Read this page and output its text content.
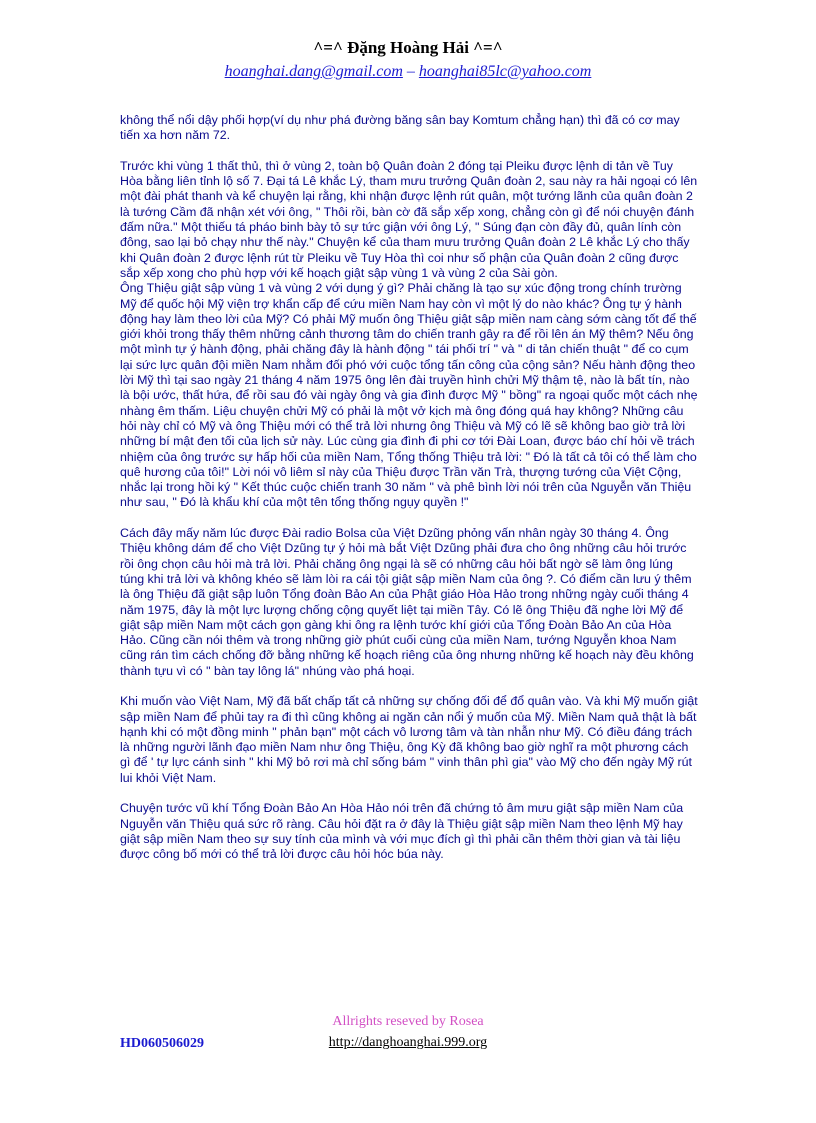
^=^ Đặng Hoàng Hải ^=^
hoanghai.dang@gmail.com – hoanghai85lc@yahoo.com

không thể nổi dậy phối hợp(ví dụ như phá đường băng sân bay Komtum chẳng hạn) thì đã có cơ may tiến xa hơn năm 72.

Trước khi vùng 1 thất thủ, thì ở vùng 2, toàn bộ Quân đoàn 2 đóng tại Pleiku được lệnh di tản về Tuy Hòa bằng liên tỉnh lộ số 7. Đại tá Lê khắc Lý, tham mưu trưởng Quân đoàn 2, sau này ra hải ngoại có lên một đài phát thanh và kể chuyện lại rằng, khi nhận được lệnh rút quân, một tướng lãnh của quân đoàn 2 là tướng Cầm đã nhận xét với ông, " Thôi rồi, bàn cờ đã sắp xếp xong, chẳng còn gì để nói chuyện đánh đấm nữa." Một thiếu tá pháo binh bày tỏ sự tức giận với ông Lý, " Súng đạn còn đầy đủ, quân lính còn đông, sao lại bỏ chạy như thế này." Chuyện kể của tham mưu trưởng Quân đoàn 2 Lê khắc Lý cho thấy khi Quân đoàn 2 được lệnh rút từ Pleiku về Tuy Hòa thì coi như số phận của Quân đoàn 2 cũng được sắp xếp xong cho phù hợp với kế hoạch giật sập vùng 1 và vùng 2 của Sài gòn.

Ông Thiệu giật sập vùng 1 và vùng 2 với dụng ý gì? Phải chăng là tạo sự xúc động trong chính trường Mỹ để quốc hội Mỹ viện trợ khẩn cấp để cứu miền Nam hay còn vì một lý do nào khác? Ông tự ý hành động hay làm theo lời của Mỹ? Có phải Mỹ muốn ông Thiệu giật sập miền nam càng sớm càng tốt để thế giới khỏi trong thấy thêm những cảnh thương tâm do chiến tranh gây ra để rồi lên án Mỹ thêm? Nếu ông một mình tự ý hành động, phải chăng đây là hành động " tái phối trí " và " di tản chiến thuật " để co cụm lại sức lực quân đội miền Nam nhằm đối phó với cuộc tổng tấn công của cộng sản? Nếu hành động theo lời Mỹ thì tại sao ngày 21 tháng 4 năm 1975 ông lên đài truyền hình chửi Mỹ thậm tệ, nào là bất tín, nào là bội ước, thất hứa, để rồi sau đó vài ngày ông và gia đình được Mỹ " bồng" ra ngoại quốc một cách nhẹ nhàng êm thấm. Liệu chuyện chửi Mỹ có phải là một vở kịch mà ông đóng quá hay không? Những câu hỏi này chỉ có Mỹ và ông Thiệu mới có thể trả lời nhưng ông Thiệu và Mỹ có lẽ sẽ không bao giờ trả lời những bí mật đen tối của lịch sử này. Lúc cùng gia đình đi phi cơ tới Đài Loan, được báo chí hỏi về trách nhiệm của ông trước sự hấp hối của miền Nam, Tổng thống Thiệu trả lời: " Đó là tất cả tôi có thể làm cho quê hương của tôi!" Lời nói vô liêm sỉ này của Thiệu được Trần văn Trà, thượng tướng của Việt Cộng, nhắc lại trong hồi ký " Kết thúc cuộc chiến tranh 30 năm " và phê bình lời nói trên của Nguyễn văn Thiệu như sau, " Đó là khẩu khí của một tên tổng thống ngụy quyền !"

Cách đây mấy năm lúc được Đài radio Bolsa của Việt Dzũng phỏng vấn nhân ngày 30 tháng 4. Ông Thiệu không dám để cho Việt Dzũng tự ý hỏi mà bắt Việt Dzũng phải đưa cho ông những câu hỏi trước rồi ông chọn câu hỏi mà trả lời. Phải chăng ông ngại là sẽ có những câu hỏi bất ngờ sẽ làm ông lúng túng khi trả lời và không khéo sẽ làm lòi ra cái tội giật sập miền Nam của ông ?. Có điểm cần lưu ý thêm là ông Thiệu đã giật sập luôn Tổng đoàn Bảo An của Phật giáo Hòa Hảo trong những ngày cuối tháng 4 năm 1975, đây là một lực lượng chống cộng quyết liệt tại miền Tây. Có lẽ ông Thiệu đã nghe lời Mỹ để giật sập miền Nam một cách gọn gàng khi ông ra lệnh tước khí giới của Tổng Đoàn Bảo An của Hòa Hảo. Cũng cần nói thêm và trong những giờ phút cuối cùng của miền Nam, tướng Nguyễn khoa Nam cũng rán tìm cách chống đỡ bằng những kế hoạch riêng của ông nhưng những kế hoạch này đều không thành tựu vì có " bàn tay lông lá" nhúng vào phá hoại.

Khi muốn vào Việt Nam, Mỹ đã bất chấp tất cả những sự chống đối để đổ quân vào. Và khi Mỹ muốn giật sập miền Nam để phủi tay ra đi thì cũng không ai ngăn cản nổi ý muốn của Mỹ. Miền Nam quả thật là bất hạnh khi có một đồng minh " phản bạn" một cách vô lương tâm và tàn nhẫn như Mỹ. Có điều đáng trách là những người lãnh đạo miền Nam như ông Thiệu, ông Kỳ đã không bao giờ nghĩ ra một phương cách gì để ' tự lực cánh sinh " khi Mỹ bỏ rơi mà chỉ sống bám " vinh thân phì gia" vào Mỹ cho đến ngày Mỹ rút lui khỏi Việt Nam.

Chuyện tước vũ khí Tổng Đoàn Bảo An Hòa Hảo nói trên đã chứng tỏ âm mưu giật sập miền Nam của Nguyễn văn Thiệu quá sức rõ ràng. Câu hỏi đặt ra ở đây là Thiệu giật sập miền Nam theo lệnh Mỹ hay giật sập miền Nam theo sự suy tính của mình và với mục đích gì thì phải cần thêm thời gian và tài liệu được công bố mới có thể trả lời được câu hỏi hóc búa này.

Allrights reseved by Rosea
HD060506029	http://danghoanghai.999.org
